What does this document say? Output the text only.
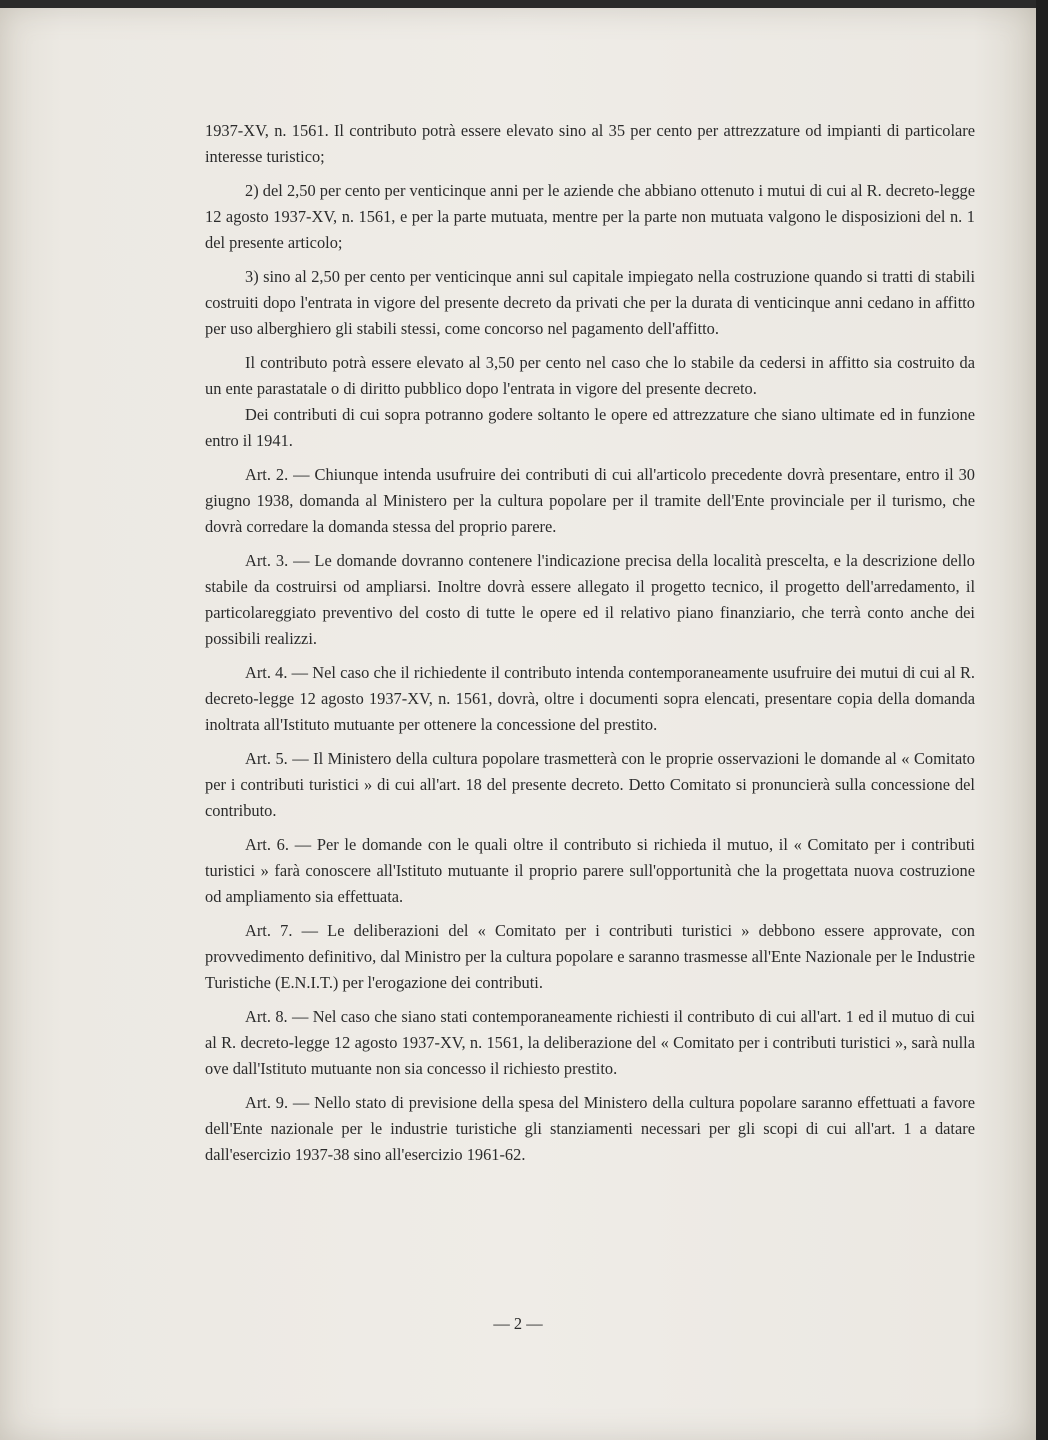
1937-XV, n. 1561. Il contributo potrà essere elevato sino al 35 per cento per attrezzature od impianti di particolare interesse turistico;

2) del 2,50 per cento per venticinque anni per le aziende che abbiano ottenuto i mutui di cui al R. decreto-legge 12 agosto 1937-XV, n. 1561, e per la parte mutuata, mentre per la parte non mutuata valgono le disposizioni del n. 1 del presente articolo;

3) sino al 2,50 per cento per venticinque anni sul capitale impiegato nella costruzione quando si tratti di stabili costruiti dopo l'entrata in vigore del presente decreto da privati che per la durata di venticinque anni cedano in affitto per uso alberghiero gli stabili stessi, come concorso nel pagamento dell'affitto.

Il contributo potrà essere elevato al 3,50 per cento nel caso che lo stabile da cedersi in affitto sia costruito da un ente parastatale o di diritto pubblico dopo l'entrata in vigore del presente decreto.

Dei contributi di cui sopra potranno godere soltanto le opere ed attrezzature che siano ultimate ed in funzione entro il 1941.

Art. 2. — Chiunque intenda usufruire dei contributi di cui all'articolo precedente dovrà presentare, entro il 30 giugno 1938, domanda al Ministero per la cultura popolare per il tramite dell'Ente provinciale per il turismo, che dovrà corredare la domanda stessa del proprio parere.

Art. 3. — Le domande dovranno contenere l'indicazione precisa della località prescelta, e la descrizione dello stabile da costruirsi od ampliarsi. Inoltre dovrà essere allegato il progetto tecnico, il progetto dell'arredamento, il particolareggiato preventivo del costo di tutte le opere ed il relativo piano finanziario, che terrà conto anche dei possibili realizzi.

Art. 4. — Nel caso che il richiedente il contributo intenda contemporaneamente usufruire dei mutui di cui al R. decreto-legge 12 agosto 1937-XV, n. 1561, dovrà, oltre i documenti sopra elencati, presentare copia della domanda inoltrata all'Istituto mutuante per ottenere la concessione del prestito.

Art. 5. — Il Ministero della cultura popolare trasmetterà con le proprie osservazioni le domande al « Comitato per i contributi turistici » di cui all'art. 18 del presente decreto. Detto Comitato si pronuncierà sulla concessione del contributo.

Art. 6. — Per le domande con le quali oltre il contributo si richieda il mutuo, il « Comitato per i contributi turistici » farà conoscere all'Istituto mutuante il proprio parere sull'opportunità che la progettata nuova costruzione od ampliamento sia effettuata.

Art. 7. — Le deliberazioni del « Comitato per i contributi turistici » debbono essere approvate, con provvedimento definitivo, dal Ministro per la cultura popolare e saranno trasmesse all'Ente Nazionale per le Industrie Turistiche (E.N.I.T.) per l'erogazione dei contributi.

Art. 8. — Nel caso che siano stati contemporaneamente richiesti il contributo di cui all'art. 1 ed il mutuo di cui al R. decreto-legge 12 agosto 1937-XV, n. 1561, la deliberazione del « Comitato per i contributi turistici », sarà nulla ove dall'Istituto mutuante non sia concesso il richiesto prestito.

Art. 9. — Nello stato di previsione della spesa del Ministero della cultura popolare saranno effettuati a favore dell'Ente nazionale per le industrie turistiche gli stanziamenti necessari per gli scopi di cui all'art. 1 a datare dall'esercizio 1937-38 sino all'esercizio 1961-62.

— 2 —
